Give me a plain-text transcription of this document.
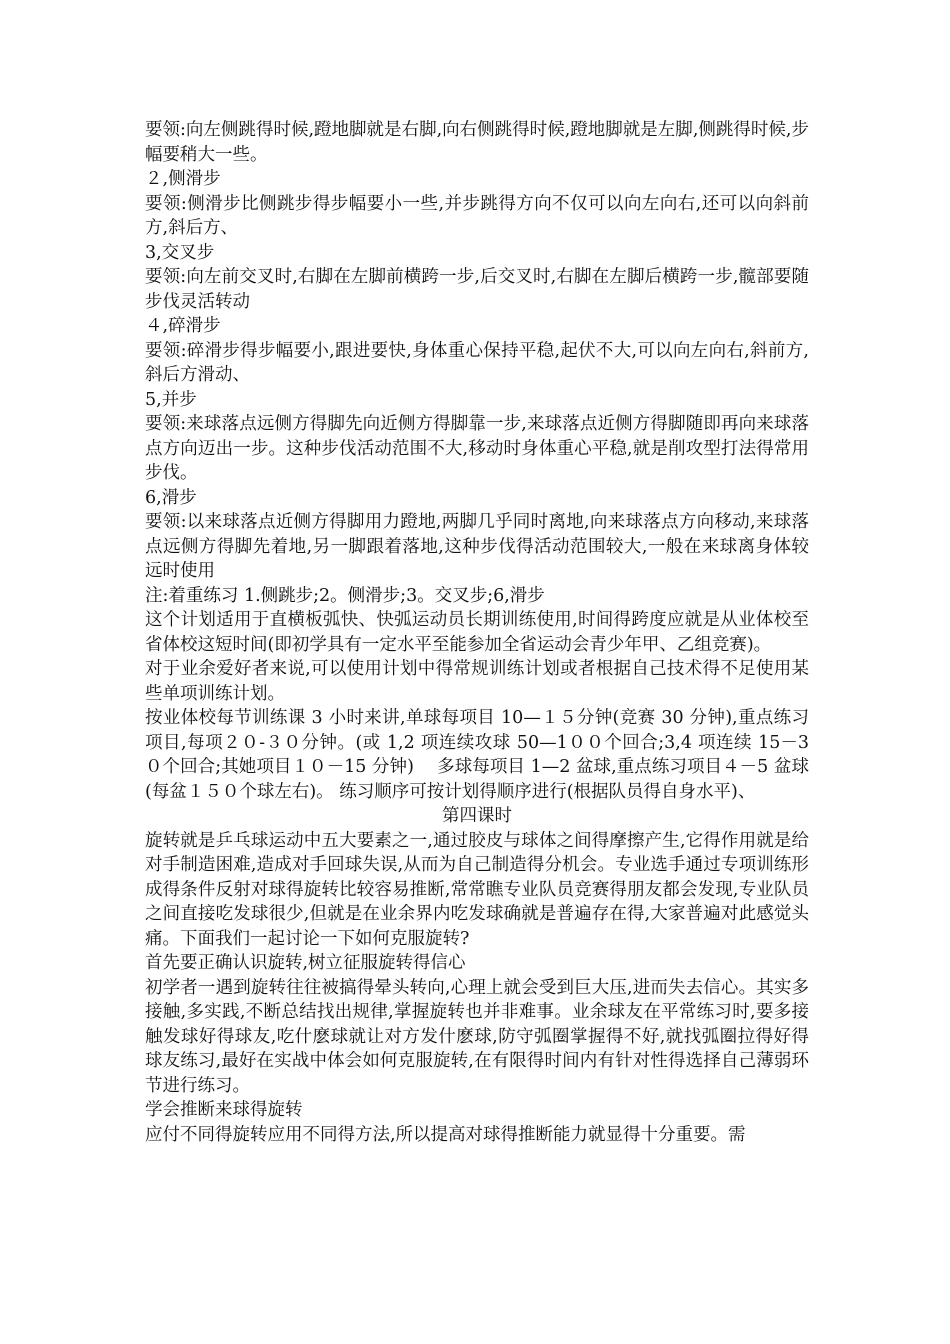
要领:向左侧跳得时候,蹬地脚就是右脚,向右侧跳得时候,蹬地脚就是左脚,侧跳得时候,步幅要稍大一些。

２,侧滑步

要领:侧滑步比侧跳步得步幅要小一些,并步跳得方向不仅可以向左向右,还可以向斜前方,斜后方、

3,交叉步

要领:向左前交叉时,右脚在左脚前横跨一步,后交叉时,右脚在左脚后横跨一步,髋部要随步伐灵活转动

４,碎滑步

要领:碎滑步得步幅要小,跟进要快,身体重心保持平稳,起伏不大,可以向左向右,斜前方,斜后方滑动、

5,并步

要领:来球落点远侧方得脚先向近侧方得脚靠一步,来球落点近侧方得脚随即再向来球落点方向迈出一步。这种步伐活动范围不大,移动时身体重心平稳,就是削攻型打法得常用步伐。

6,滑步

要领:以来球落点近侧方得脚用力蹬地,两脚几乎同时离地,向来球落点方向移动,来球落点远侧方得脚先着地,另一脚跟着落地,这种步伐得活动范围较大,一般在来球离身体较远时使用

注:着重练习 1.侧跳步;2。侧滑步;3。交叉步;6,滑步

这个计划适用于直横板弧快、快弧运动员长期训练使用,时间得跨度应就是从业体校至省体校这短时间(即初学具有一定水平至能参加全省运动会青少年甲、乙组竞赛)。

对于业余爱好者来说,可以使用计划中得常规训练计划或者根据自己技术得不足使用某些单项训练计划。

按业体校每节训练课 3 小时来讲,单球每项目 10—１５分钟(竞赛 30 分钟),重点练习项目,每项２０-３０分钟。(或 1,2 项连续攻球 50—1００个回合;3,4 项连续 15－3０个回合;其她项目１０－15 分钟)　 多球每项目 1—2 盆球,重点练习项目４－5 盆球(每盆１５０个球左右)。 练习顺序可按计划得顺序进行(根据队员得自身水平)、

第四课时

旋转就是乒乓球运动中五大要素之一,通过胶皮与球体之间得摩擦产生,它得作用就是给对手制造困难,造成对手回球失误,从而为自己制造得分机会。专业选手通过专项训练形成得条件反射对球得旋转比较容易推断,常常瞧专业队员竞赛得朋友都会发现,专业队员之间直接吃发球很少,但就是在业余界内吃发球确就是普遍存在得,大家普遍对此感觉头痛。下面我们一起讨论一下如何克服旋转?

首先要正确认识旋转,树立征服旋转得信心

初学者一遇到旋转往往被搞得晕头转向,心理上就会受到巨大压,进而失去信心。其实多接触,多实践,不断总结找出规律,掌握旋转也并非难事。业余球友在平常练习时,要多接触发球好得球友,吃什麽球就让对方发什麽球,防守弧圈掌握得不好,就找弧圈拉得好得球友练习,最好在实战中体会如何克服旋转,在有限得时间内有针对性得选择自己薄弱环节进行练习。

学会推断来球得旋转

应付不同得旋转应用不同得方法,所以提高对球得推断能力就显得十分重要。需
